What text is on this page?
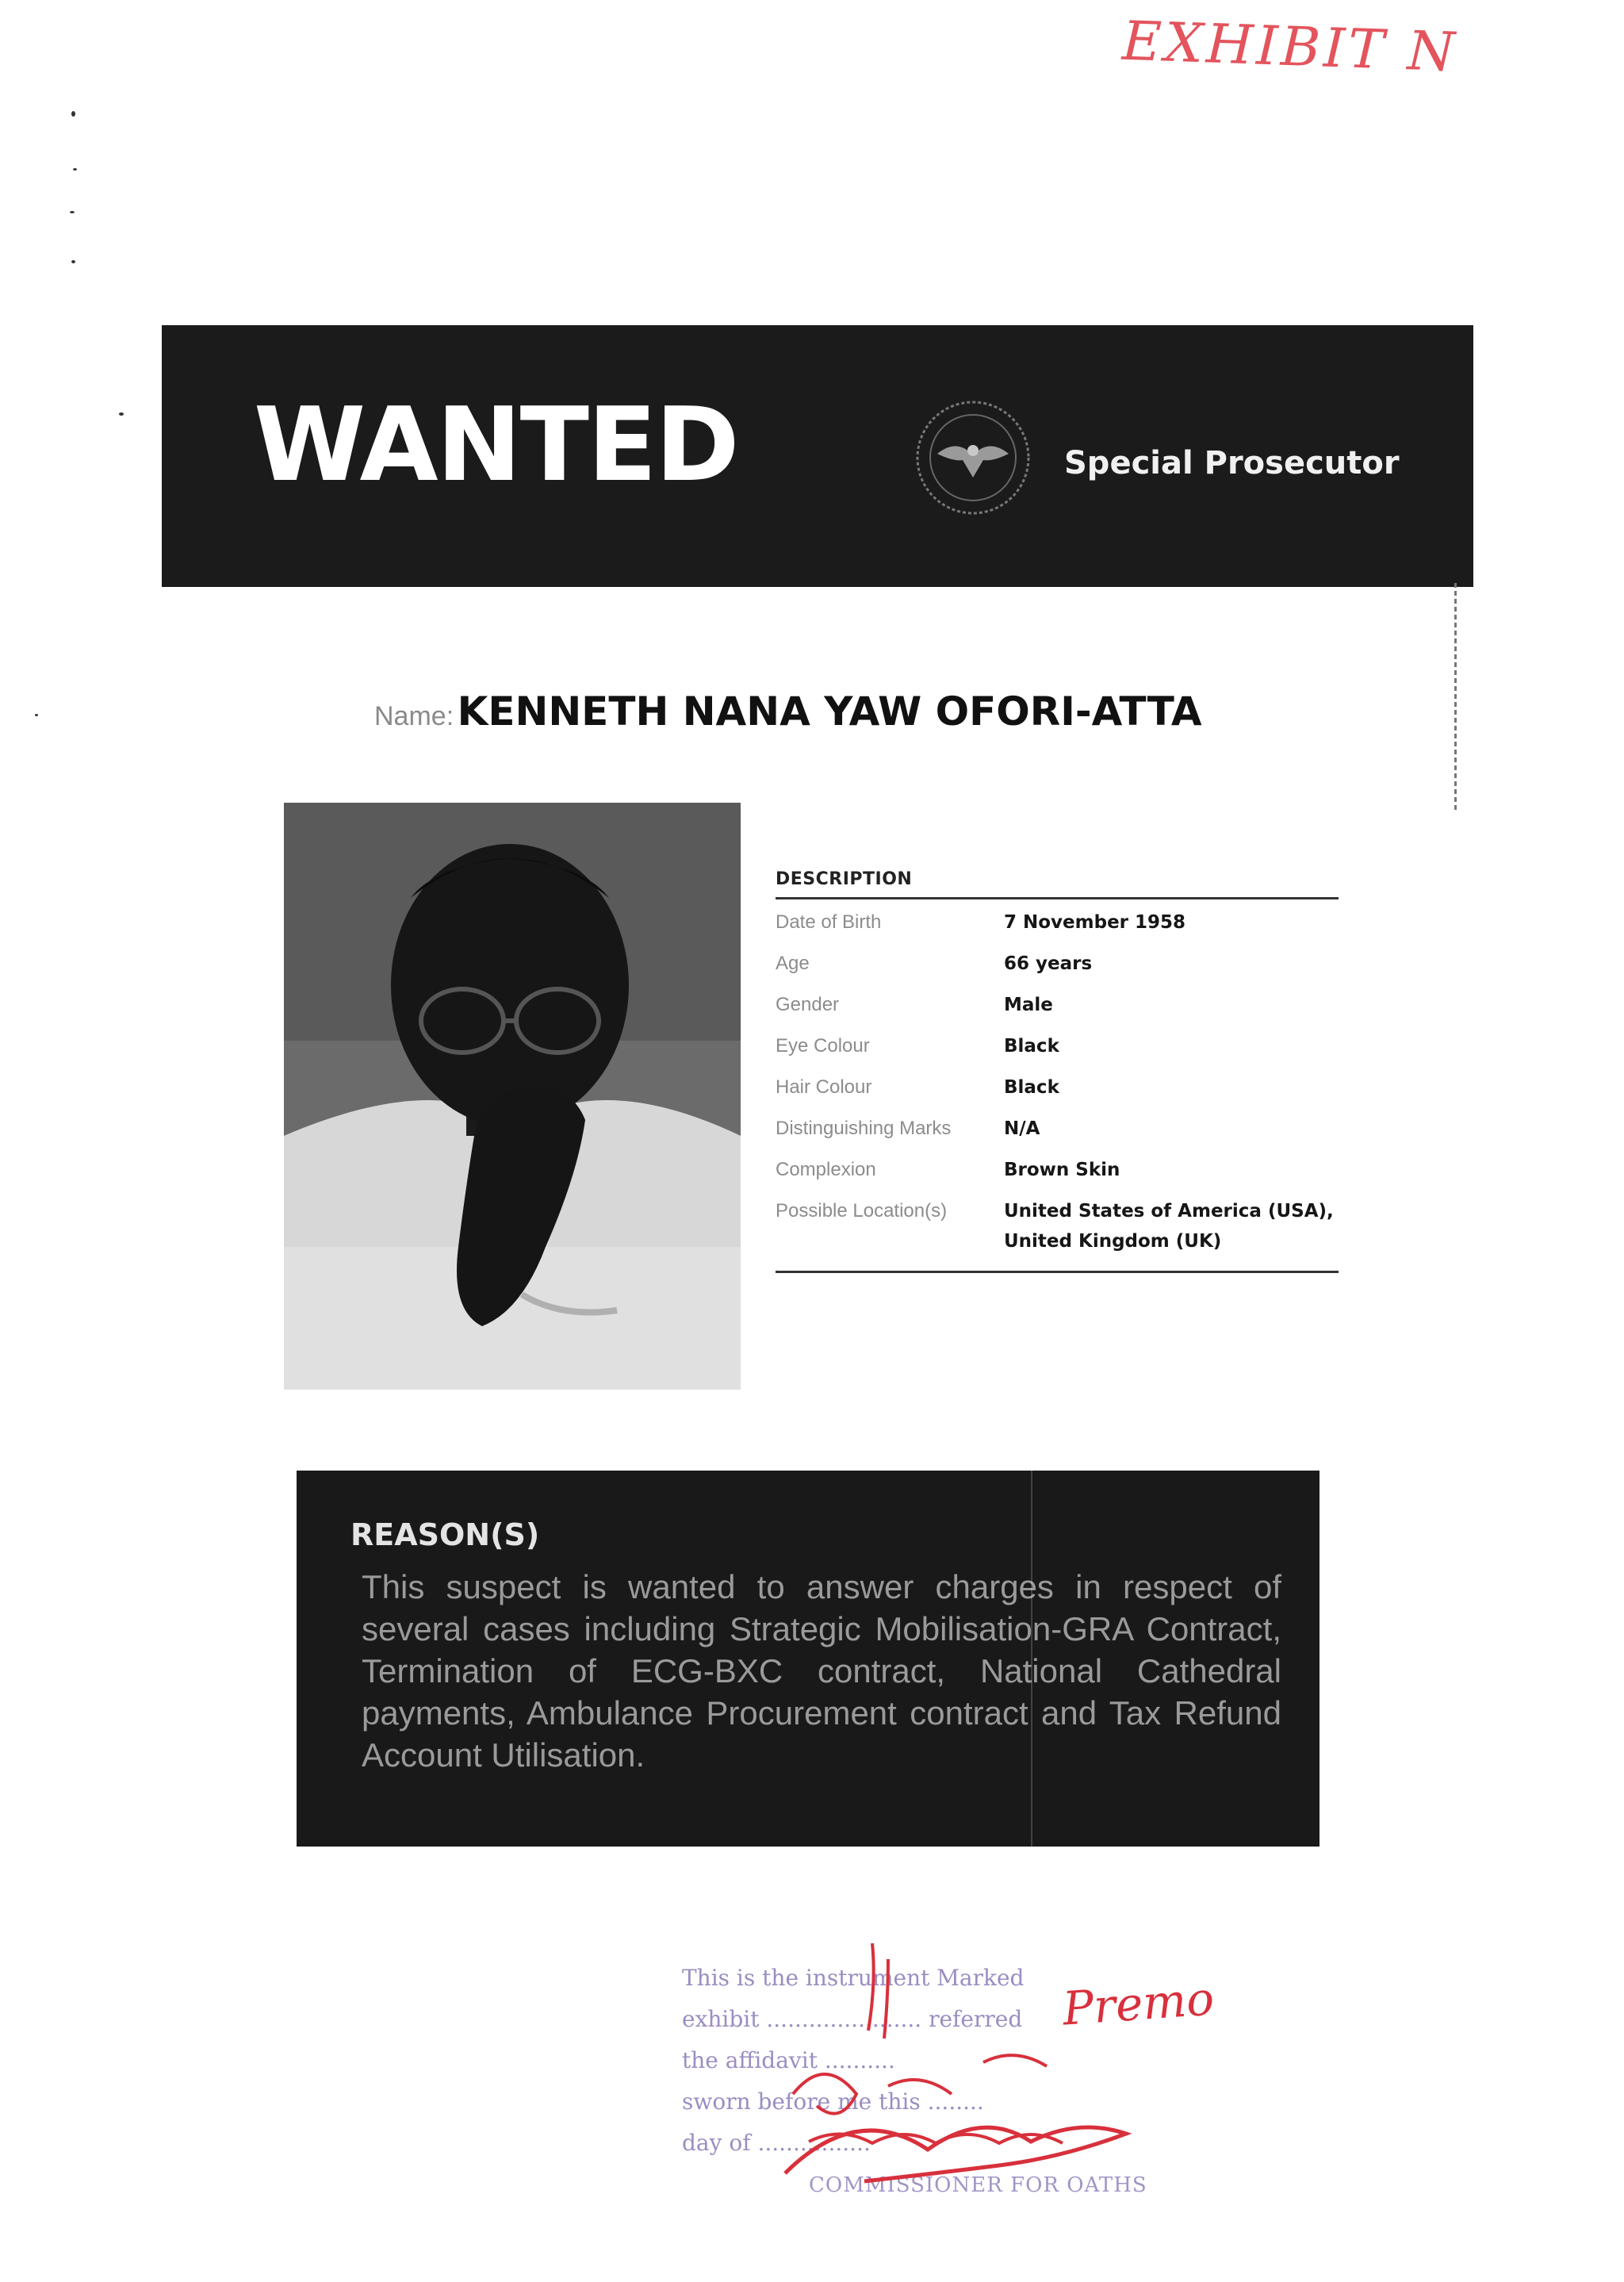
EXHIBIT N
WANTED	Special Prosecutor
Name: KENNETH NANA YAW OFORI-ATTA
DESCRIPTION
Date of Birth	7 November 1958
Age	66 years
Gender	Male
Eye Colour	Black
Hair Colour	Black
Distinguishing Marks	N/A
Complexion	Brown Skin
Possible Location(s)	United States of America (USA), United Kingdom (UK)
REASON(S)

This suspect is wanted to answer charges in respect of several cases including Strategic Mobilisation-GRA Contract, Termination of ECG-BXC contract, National Cathedral payments, Ambulance Procurement contract and Tax Refund Account Utilisation.

This is the instrument Marked
exhibit ...................... referred
the affidavit ..........
sworn before me this ........
day of ................
COMMISSIONER FOR OATHS
Premo
